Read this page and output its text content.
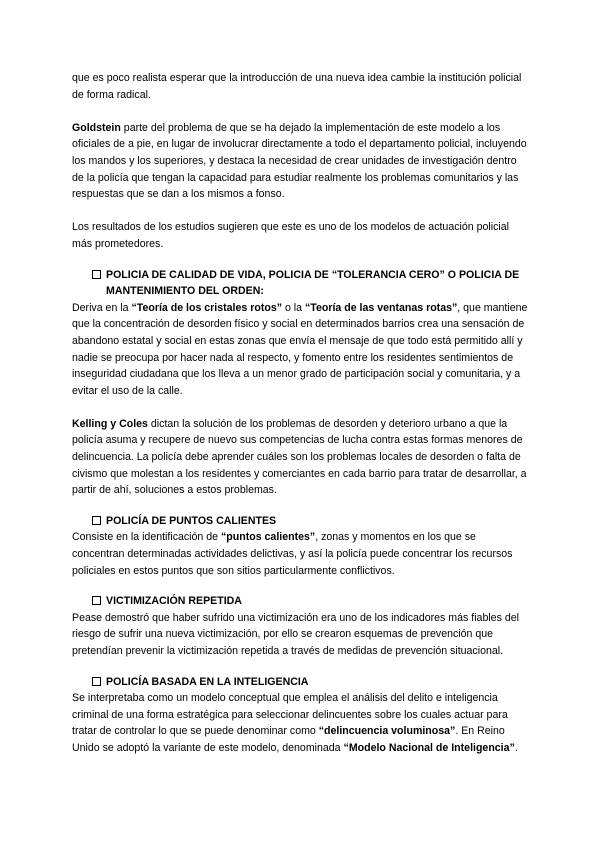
que es poco realista esperar que la introducción de una nueva idea cambie la institución policial de forma radical.

Goldstein parte del problema de que se ha dejado la implementación de este modelo a los oficiales de a pie, en lugar de involucrar directamente a todo el departamento policial, incluyendo los mandos y los superiores, y destaca la necesidad de crear unidades de investigación dentro de la policía que tengan la capacidad para estudiar realmente los problemas comunitarios y las respuestas que se dan a los mismos a fonso.

Los resultados de los estudios sugieren que este es uno de los modelos de actuación policial más prometedores.

POLICIA DE CALIDAD DE VIDA, POLICIA DE “TOLERANCIA CERO” O POLICIA DE MANTENIMIENTO DEL ORDEN:

Deriva en la “Teoría de los cristales rotos” o la “Teoría de las ventanas rotas”, que mantiene que la concentración de desorden físico y social en determinados barrios crea una sensación de abandono estatal y social en estas zonas que envía el mensaje de que todo está permitido allí y nadie se preocupa por hacer nada al respecto, y fomento entre los residentes sentimientos de inseguridad ciudadana que los lleva a un menor grado de participación social y comunitaria, y a evitar el uso de la calle.

Kelling y Coles dictan la solución de los problemas de desorden y deterioro urbano a que la policía asuma y recupere de nuevo sus competencias de lucha contra estas formas menores de delincuencia. La policía debe aprender cuáles son los problemas locales de desorden o falta de civismo que molestan a los residentes y comerciantes en cada barrio para tratar de desarrollar, a partir de ahí, soluciones a estos problemas.

POLICÍA DE PUNTOS CALIENTES

Consiste en la identificación de “puntos calientes”, zonas y momentos en los que se concentran determinadas actividades delictivas, y así la policía puede concentrar los recursos policiales en estos puntos que son sitios particularmente conflictivos.

VICTIMIZACIÓN REPETIDA

Pease demostró que haber sufrido una victimización era uno de los indicadores más fiables del riesgo de sufrir una nueva victimización, por ello se crearon esquemas de prevención que pretendían prevenir la victimización repetida a través de medidas de prevención situacional.

POLICÍA BASADA EN LA INTELIGENCIA

Se interpretaba como un modelo conceptual que emplea el análisis del delito e inteligencia criminal de una forma estratégica para seleccionar delincuentes sobre los cuales actuar para tratar de controlar lo que se puede denominar como “delincuencia voluminosa”. En Reino Unido se adoptó la variante de este modelo, denominada “Modelo Nacional de Inteligencia”.
